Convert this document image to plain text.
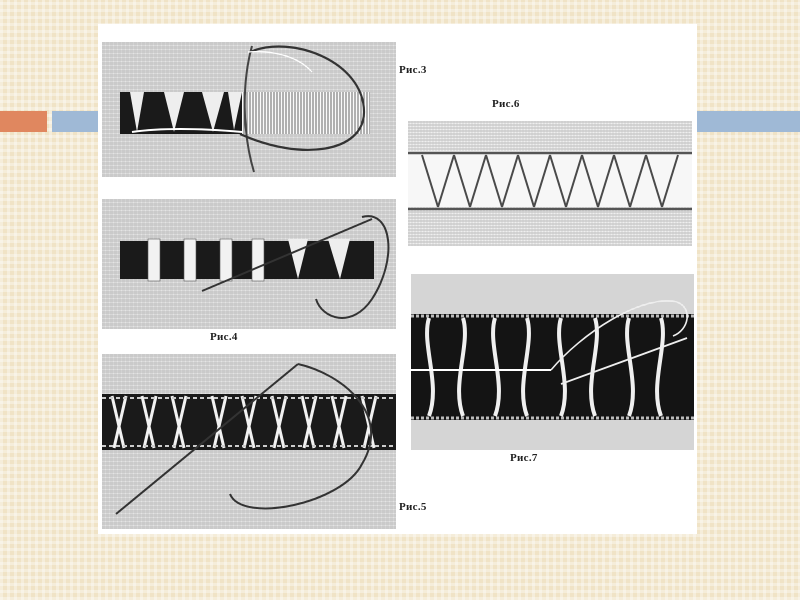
Рис.3
Рис.4
Рис.5
Рис.6
Рис.7
